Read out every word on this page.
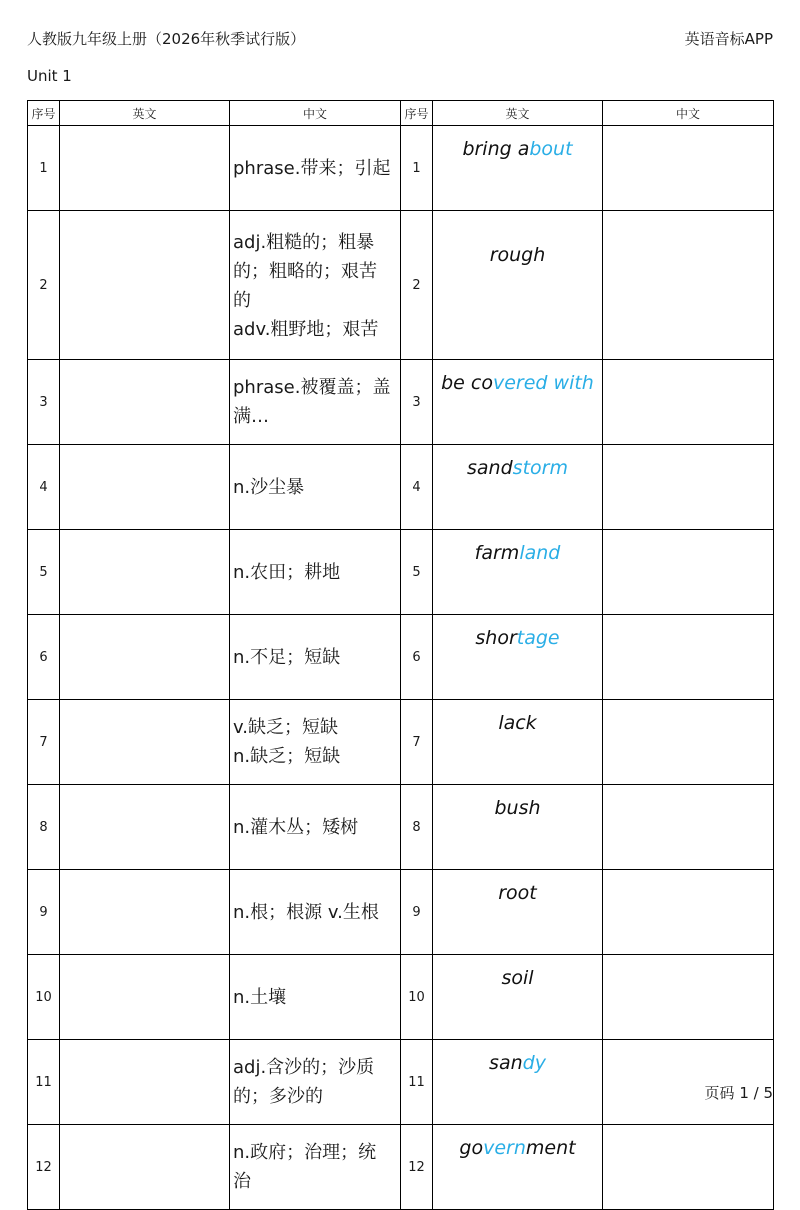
人教版九年级上册（2026年秋季试行版）	英语音标APP
Unit 1
序号	英文	中文	序号	英文	中文
1		phrase.带来；引起	1	bring about	
2		adj.粗糙的；粗暴的；粗略的；艰苦的
adv.粗野地；艰苦	2	rough	
3		phrase.被覆盖；盖满…	3	be covered with	
4		n.沙尘暴	4	sandstorm	
5		n.农田；耕地	5	farmland	
6		n.不足；短缺	6	shortage	
7		v.缺乏；短缺
n.缺乏；短缺	7	lack	
8		n.灌木丛；矮树	8	bush	
9		n.根；根源 v.生根	9	root	
10		n.土壤	10	soil	
11		adj.含沙的；沙质的；多沙的	11	sandy	
12		n.政府；治理；统治	12	government	
页码 1 / 5
